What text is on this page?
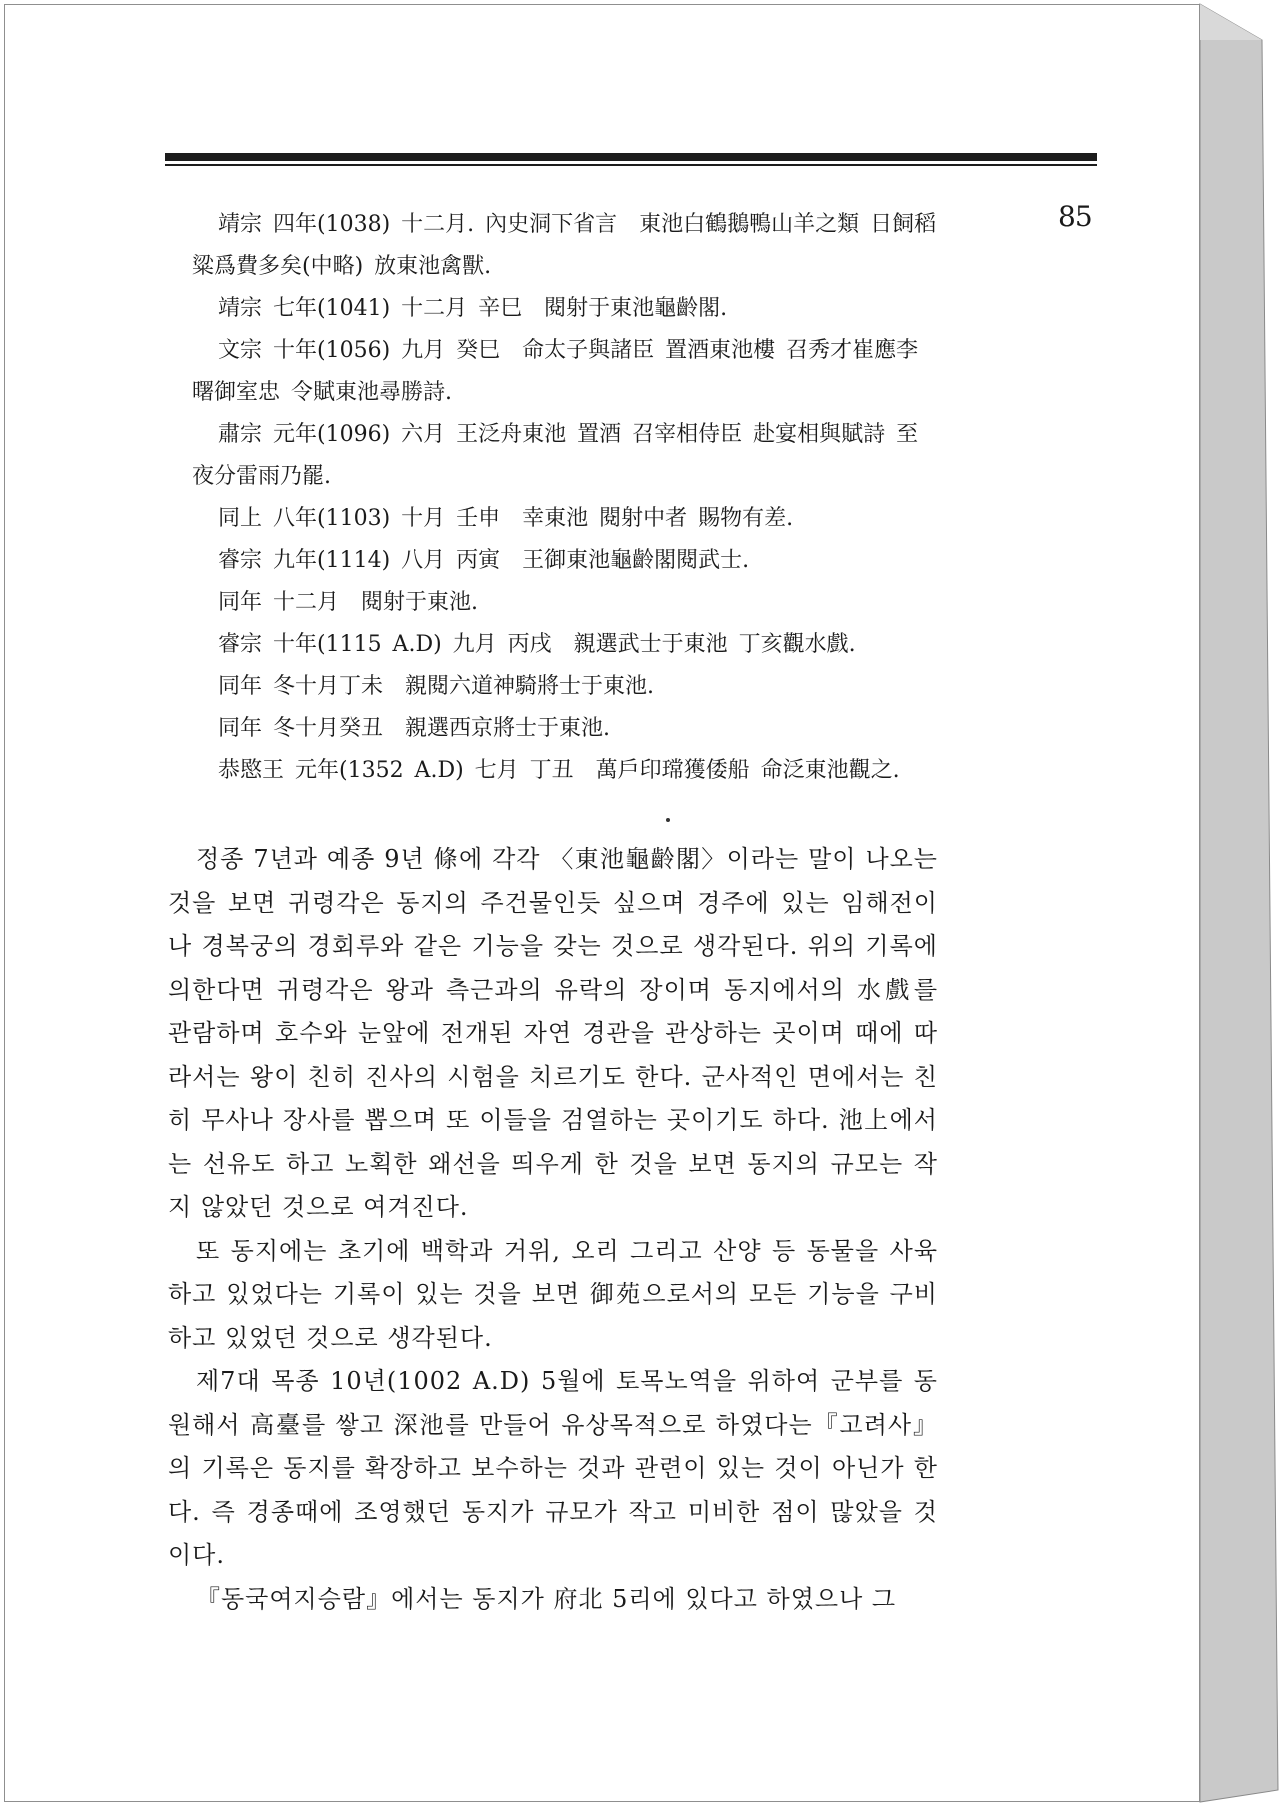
85

靖宗 四年(1038) 十二月. 內史洞下省言　東池白鶴鵝鴨山羊之類 日飼稻粱爲費多矣(中略) 放東池禽獸.

靖宗 七年(1041) 十二月 辛巳　閱射于東池龜齡閣.

文宗 十年(1056) 九月 癸巳　命太子與諸臣 置酒東池樓 召秀才崔應李曙御室忠 令賦東池尋勝詩.

肅宗 元年(1096) 六月 王泛舟東池 置酒 召宰相侍臣 赴宴相與賦詩 至夜分雷雨乃罷.

同上 八年(1103) 十月 壬申　幸東池 閱射中者 賜物有差.

睿宗 九年(1114) 八月 丙寅　王御東池龜齡閣閱武士.

同年 十二月　閱射于東池.

睿宗 十年(1115 A.D) 九月 丙戌　親選武士于東池 丁亥觀水戲.

同年 冬十月丁未　親閱六道神騎將士于東池.

同年 冬十月癸丑　親選西京將士于東池.

恭愍王 元年(1352 A.D) 七月 丁丑　萬戶印瑺獲倭船 命泛東池觀之.

정종 7년과 예종 9년 條에 각각 〈東池龜齡閣〉이라는 말이 나오는 것을 보면 귀령각은 동지의 주건물인듯 싶으며 경주에 있는 임해전이나 경복궁의 경회루와 같은 기능을 갖는 것으로 생각된다. 위의 기록에 의한다면 귀령각은 왕과 측근과의 유락의 장이며 동지에서의 水戲를 관람하며 호수와 눈앞에 전개된 자연 경관을 관상하는 곳이며 때에 따라서는 왕이 친히 진사의 시험을 치르기도 한다. 군사적인 면에서는 친히 무사나 장사를 뽑으며 또 이들을 검열하는 곳이기도 하다. 池上에서는 선유도 하고 노획한 왜선을 띄우게 한 것을 보면 동지의 규모는 작지 않았던 것으로 여겨진다.

또 동지에는 초기에 백학과 거위, 오리 그리고 산양 등 동물을 사육하고 있었다는 기록이 있는 것을 보면 御苑으로서의 모든 기능을 구비하고 있었던 것으로 생각된다.

제7대 목종 10년(1002 A.D) 5월에 토목노역을 위하여 군부를 동원해서 高臺를 쌓고 深池를 만들어 유상목적으로 하였다는『고려사』의 기록은 동지를 확장하고 보수하는 것과 관련이 있는 것이 아닌가 한다. 즉 경종때에 조영했던 동지가 규모가 작고 미비한 점이 많았을 것이다.

『동국여지승람』에서는 동지가 府北 5리에 있다고 하였으나 그
